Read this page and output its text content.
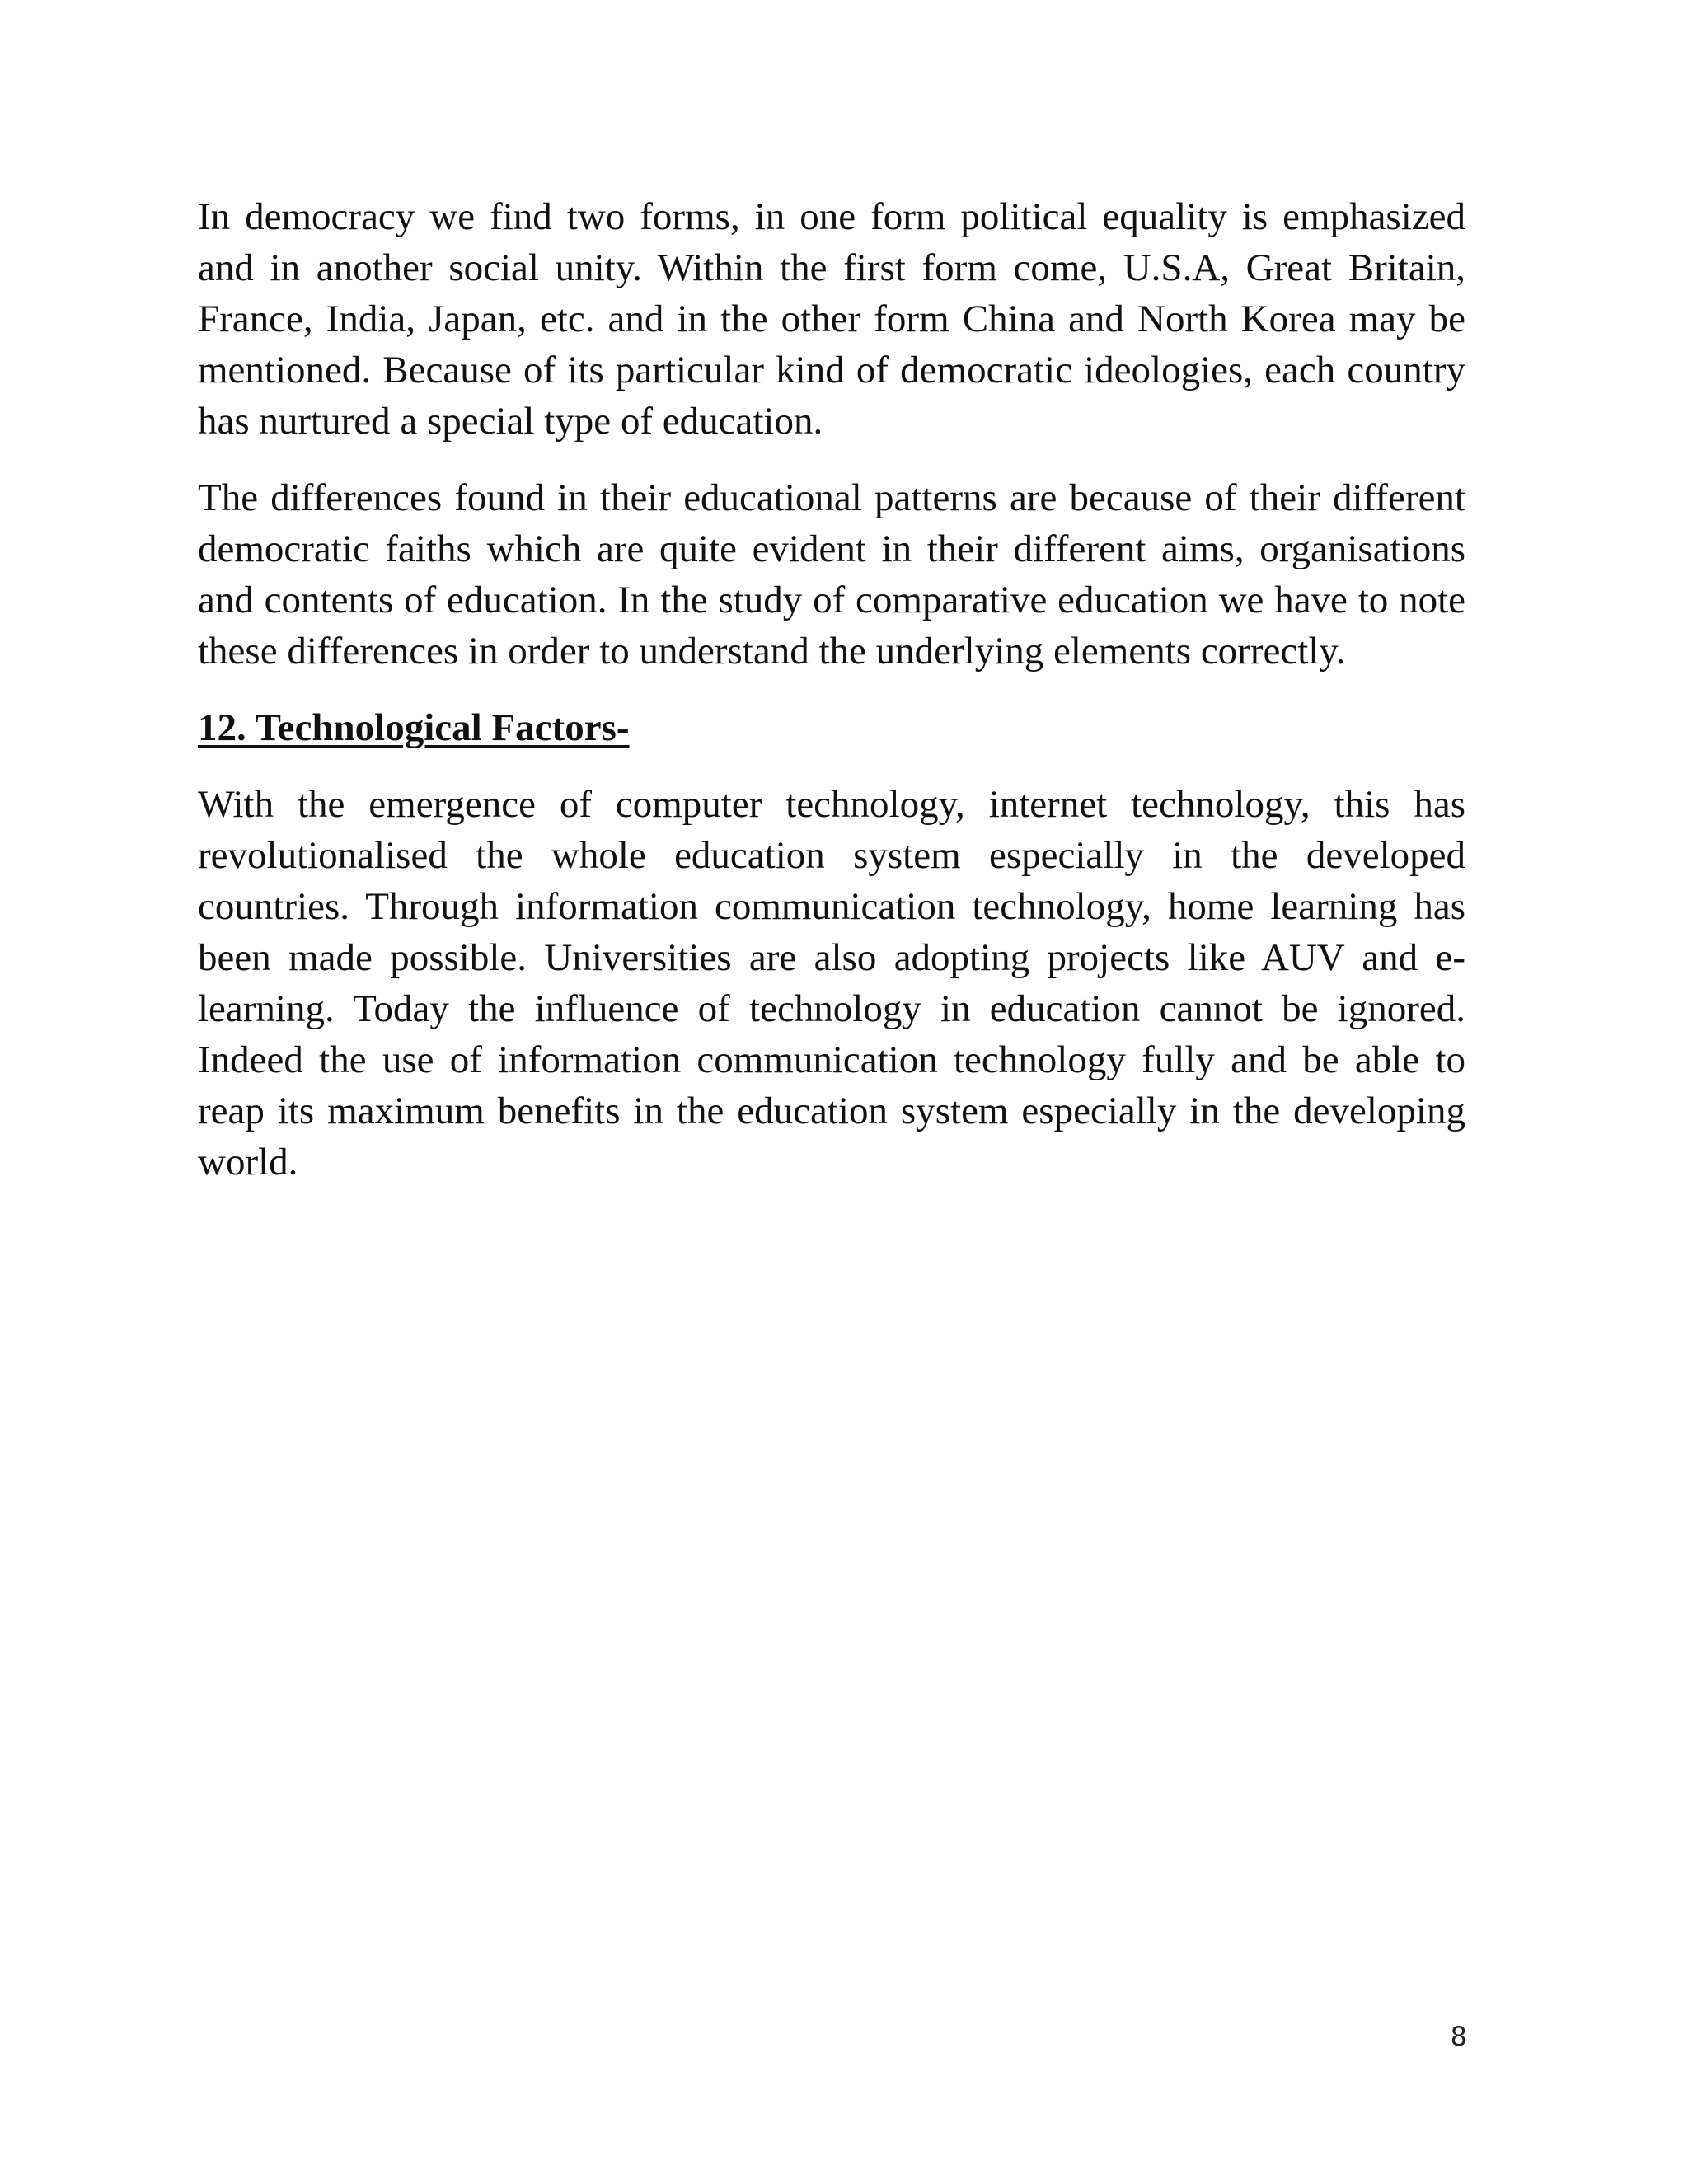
In democracy we find two forms, in one form political equality is emphasized and in another social unity. Within the first form come, U.S.A, Great Britain, France, India, Japan, etc. and in the other form China and North Korea may be mentioned. Because of its particular kind of democratic ideologies, each country has nurtured a special type of education.

The differences found in their educational patterns are because of their different democratic faiths which are quite evident in their different aims, organisations and contents of education. In the study of comparative education we have to note these differences in order to understand the underlying elements correctly.

12. Technological Factors-

With the emergence of computer technology, internet technology, this has revolutionalised the whole education system especially in the developed countries. Through information communication technology, home learning has been made possible. Universities are also adopting projects like AUV and e-learning. Today the influence of technology in education cannot be ignored. Indeed the use of information communication technology fully and be able to reap its maximum benefits in the education system especially in the developing world.

8
